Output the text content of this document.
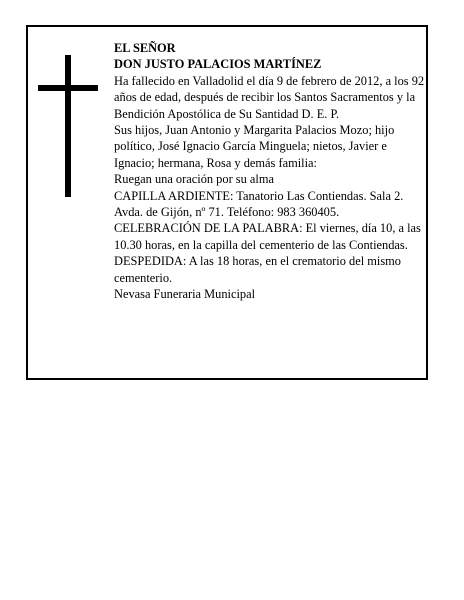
EL SEÑOR

DON JUSTO PALACIOS MARTÍNEZ

Ha fallecido en Valladolid el día 9 de febrero de 2012, a los 92 años de edad, después de recibir los Santos Sacramentos y la Bendición Apostólica de Su Santidad D. E. P.

Sus hijos, Juan Antonio y Margarita Palacios Mozo; hijo político, José Ignacio García Minguela; nietos, Javier e Ignacio; hermana, Rosa y demás familia:

Ruegan una oración por su alma

CAPILLA ARDIENTE: Tanatorio Las Contiendas. Sala 2. Avda. de Gijón, nº 71. Teléfono: 983 360405.

CELEBRACIÓN DE LA PALABRA: El viernes, día 10, a las 10.30 horas, en la capilla del cementerio de las Contiendas. DESPEDIDA: A las 18 horas, en el crematorio del mismo cementerio.

Nevasa Funeraria Municipal
